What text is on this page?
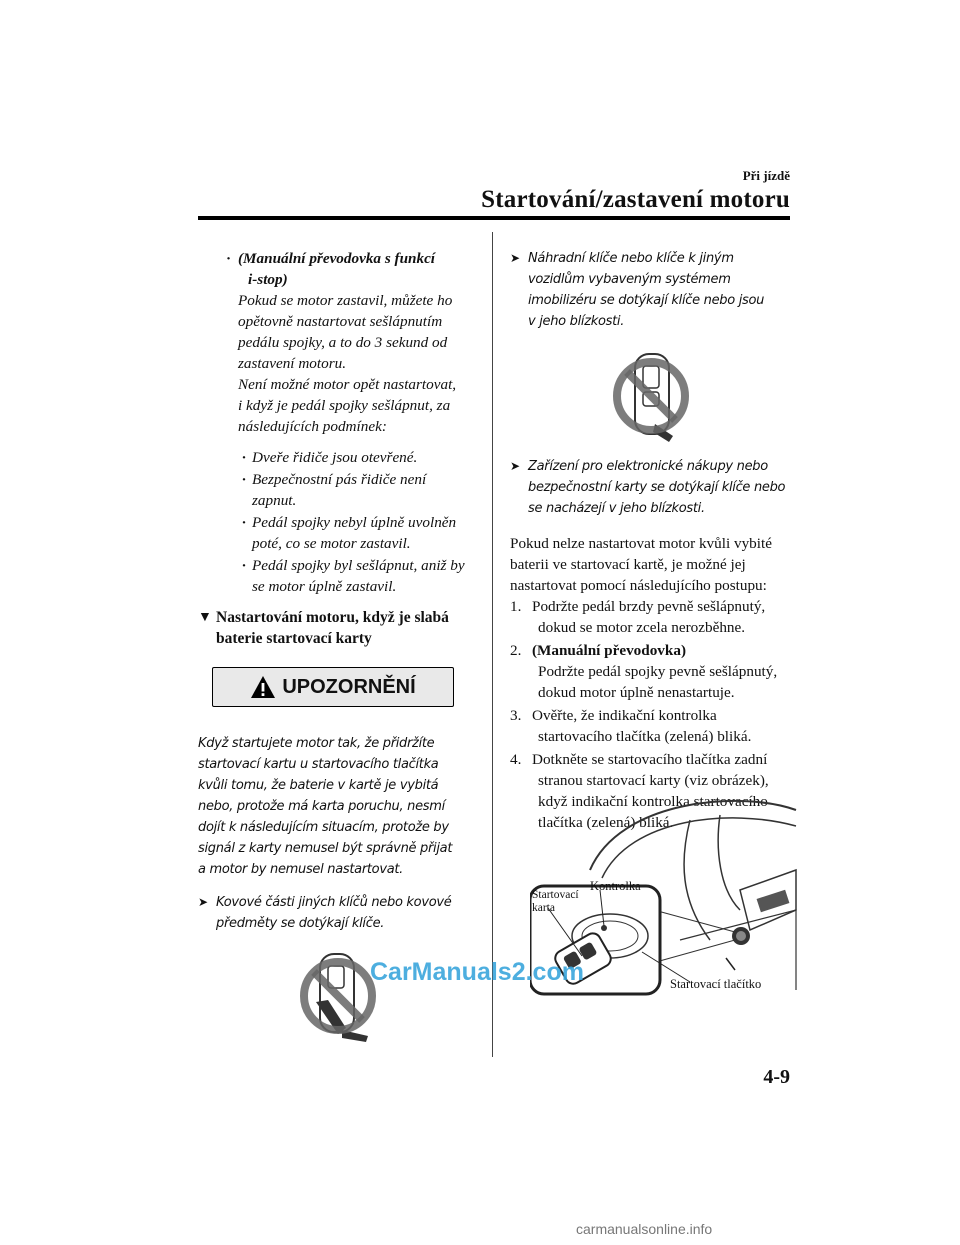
Při jízdě
Startování/zastavení motoru
· (Manuální převodovka s funkcí
i-stop)
Pokud se motor zastavil, můžete ho
opětovně nastartovat sešlápnutím
pedálu spojky, a to do 3 sekund od
zastavení motoru.
Není možné motor opět nastartovat,
i když je pedál spojky sešlápnut, za
následujících podmínek:
· Dveře řidiče jsou otevřené.
· Bezpečnostní pás řidiče není
zapnut.
· Pedál spojky nebyl úplně uvolněn
poté, co se motor zastavil.
· Pedál spojky byl sešlápnut, aniž by
se motor úplně zastavil.
▼ Nastartování motoru, když je slabá
baterie startovací karty
UPOZORNĚNÍ
Když startujete motor tak, že přidržíte
startovací kartu u startovacího tlačítka
kvůli tomu, že baterie v kartě je vybitá
nebo, protože má karta poruchu, nesmí
dojít k následujícím situacím, protože by
signál z karty nemusel být správně přijat
a motor by nemusel nastartovat.
➤ Kovové části jiných klíčů nebo kovové
předměty se dotýkají klíče.
➤ Náhradní klíče nebo klíče k jiným
vozidlům vybaveným systémem
imobilizéru se dotýkají klíče nebo jsou
v jeho blízkosti.
➤ Zařízení pro elektronické nákupy nebo
bezpečnostní karty se dotýkají klíče nebo
se nacházejí v jeho blízkosti.
Pokud nelze nastartovat motor kvůli vybité
baterii ve startovací kartě, je možné jej
nastartovat pomocí následujícího postupu:
1. Podržte pedál brzdy pevně sešlápnutý,
dokud se motor zcela nerozběhne.
2. (Manuální převodovka)
Podržte pedál spojky pevně sešlápnutý,
dokud motor úplně nenastartuje.
3. Ověřte, že indikační kontrolka
startovacího tlačítka (zelená) bliká.
4. Dotkněte se startovacího tlačítka zadní
stranou startovací karty (viz obrázek),
když indikační kontrolka startovacího
tlačítka (zelená) bliká.
Startovací
karta
Kontrolka
Startovací tlačítko
CarManuals2.com
4-9
carmanualsonline.info
